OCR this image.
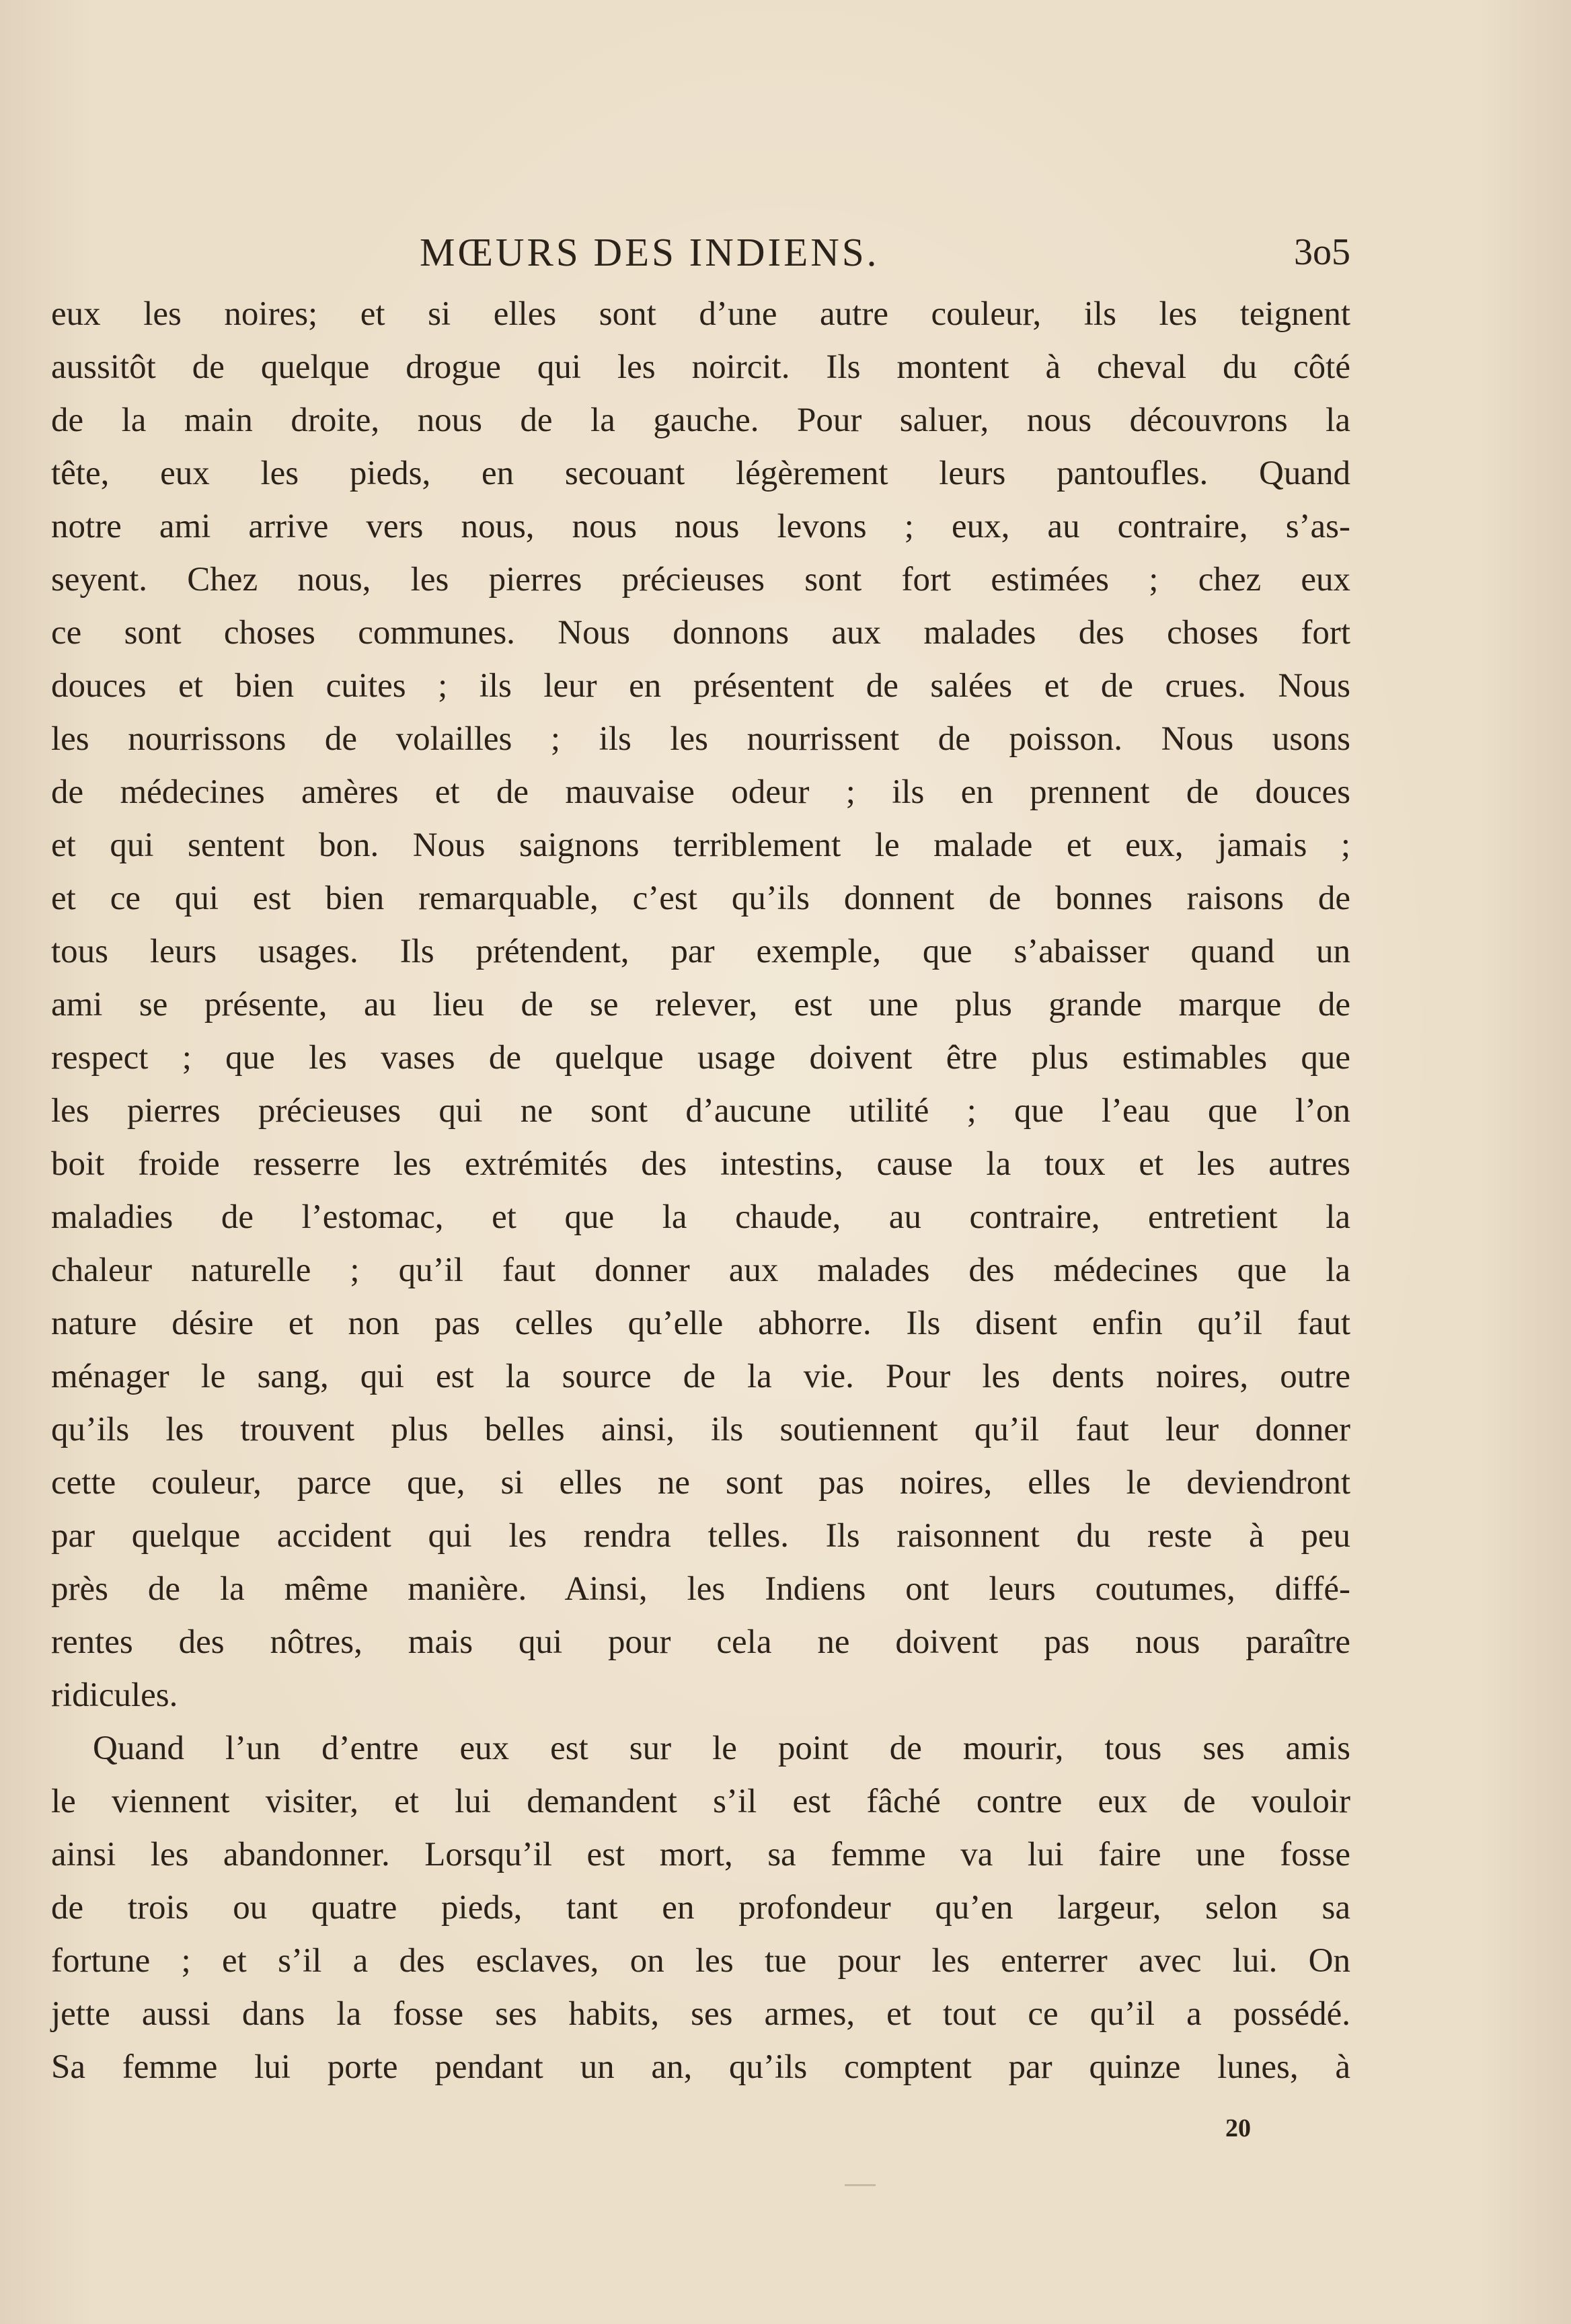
MŒURS DES INDIENS.	3o5
eux les noires; et si elles sont d’une autre couleur, ils les teignent
aussitôt de quelque drogue qui les noircit. Ils montent à cheval du côté
de la main droite, nous de la gauche. Pour saluer, nous découvrons la
tête, eux les pieds, en secouant légèrement leurs pantoufles. Quand
notre ami arrive vers nous, nous nous levons ; eux, au contraire, s’as-
seyent. Chez nous, les pierres précieuses sont fort estimées ; chez eux
ce sont choses communes. Nous donnons aux malades des choses fort
douces et bien cuites ; ils leur en présentent de salées et de crues. Nous
les nourrissons de volailles ; ils les nourrissent de poisson. Nous usons
de médecines amères et de mauvaise odeur ; ils en prennent de douces
et qui sentent bon. Nous saignons terriblement le malade et eux, jamais ;
et ce qui est bien remarquable, c’est qu’ils donnent de bonnes raisons de
tous leurs usages. Ils prétendent, par exemple, que s’abaisser quand un
ami se présente, au lieu de se relever, est une plus grande marque de
respect ; que les vases de quelque usage doivent être plus estimables que
les pierres précieuses qui ne sont d’aucune utilité ; que l’eau que l’on
boit froide resserre les extrémités des intestins, cause la toux et les autres
maladies de l’estomac, et que la chaude, au contraire, entretient la
chaleur naturelle ; qu’il faut donner aux malades des médecines que la
nature désire et non pas celles qu’elle abhorre. Ils disent enfin qu’il faut
ménager le sang, qui est la source de la vie. Pour les dents noires, outre
qu’ils les trouvent plus belles ainsi, ils soutiennent qu’il faut leur donner
cette couleur, parce que, si elles ne sont pas noires, elles le deviendront
par quelque accident qui les rendra telles. Ils raisonnent du reste à peu
près de la même manière. Ainsi, les Indiens ont leurs coutumes, diffé-
rentes des nôtres, mais qui pour cela ne doivent pas nous paraître
ridicules.
Quand l’un d’entre eux est sur le point de mourir, tous ses amis
le viennent visiter, et lui demandent s’il est fâché contre eux de vouloir
ainsi les abandonner. Lorsqu’il est mort, sa femme va lui faire une fosse
de trois ou quatre pieds, tant en profondeur qu’en largeur, selon sa
fortune ; et s’il a des esclaves, on les tue pour les enterrer avec lui. On
jette aussi dans la fosse ses habits, ses armes, et tout ce qu’il a possédé.
Sa femme lui porte pendant un an, qu’ils comptent par quinze lunes, à
20
